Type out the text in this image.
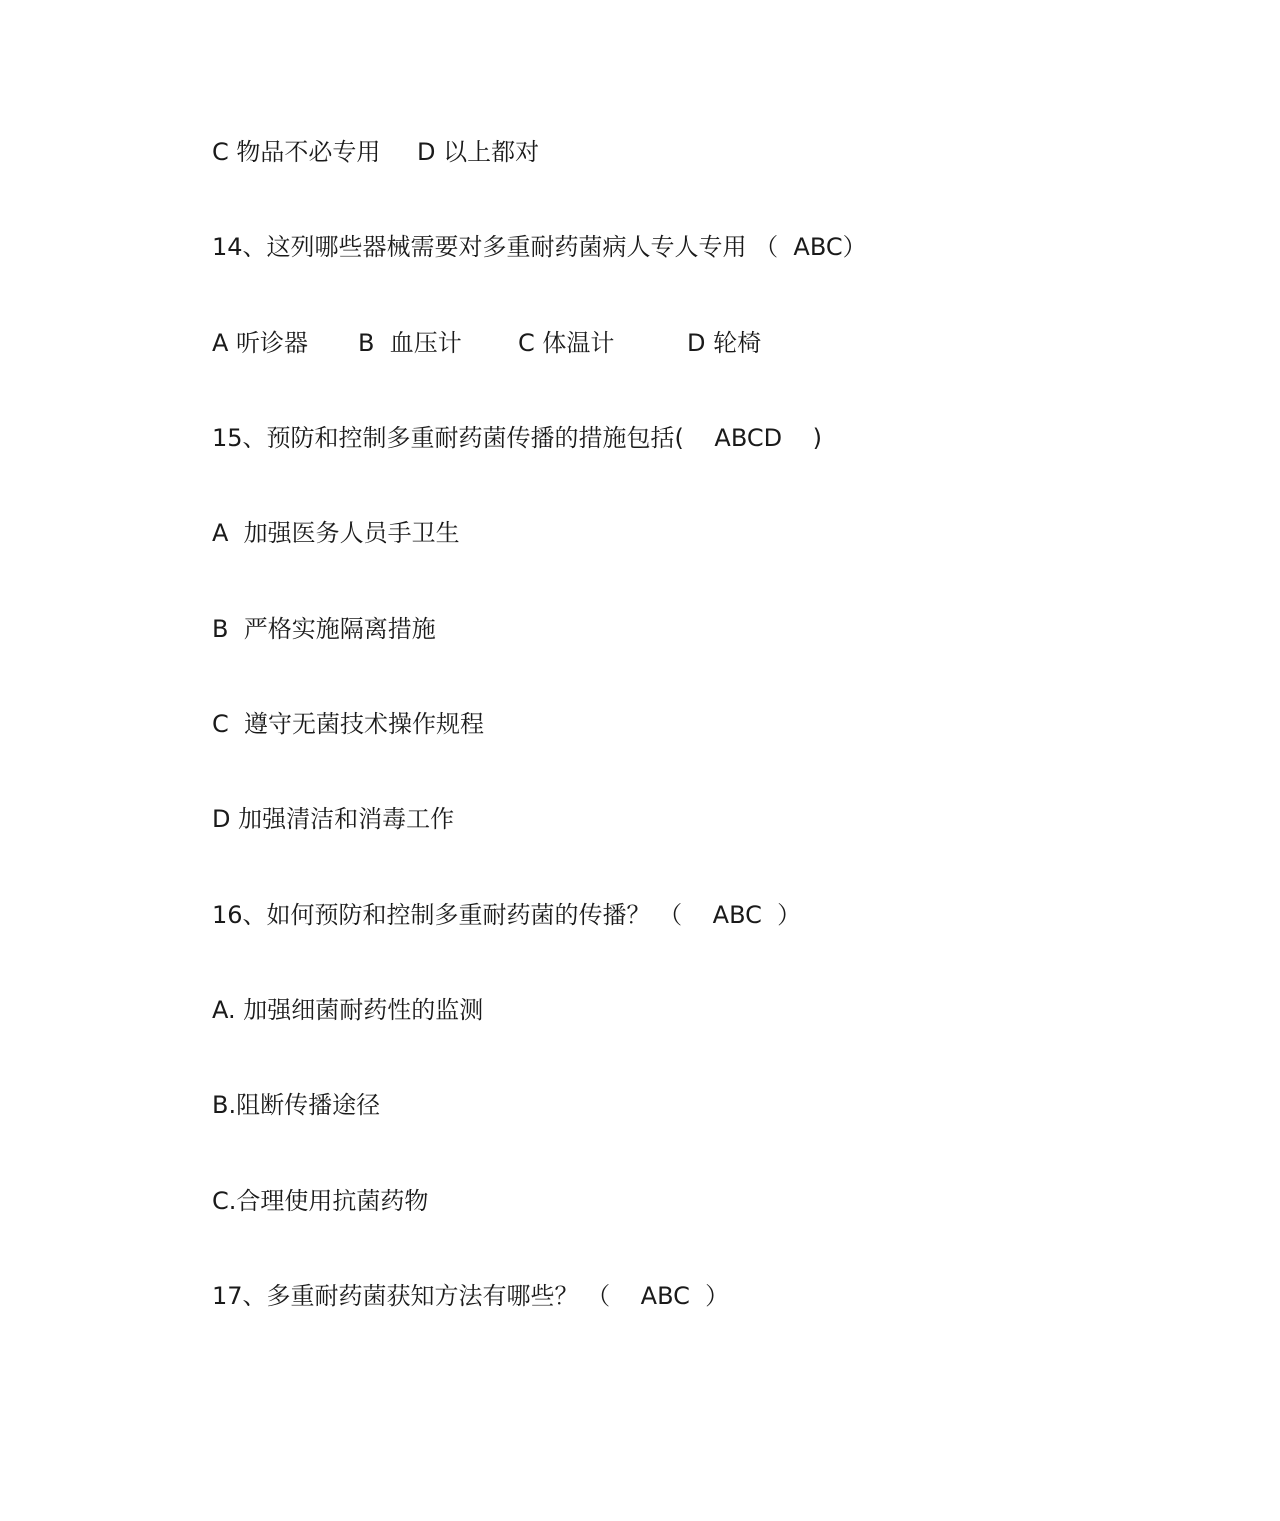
C 物品不必专用

D 以上都对

14、这列哪些器械需要对多重耐药菌病人专人专用 （  ABC）

A 听诊器

B  血压计

C 体温计

	D 轮椅

15、预防和控制多重耐药菌传播的措施包括(    ABCD    )
A  加强医务人员手卫生
B  严格实施隔离措施
C  遵守无菌技术操作规程
D 加强清洁和消毒工作
16、如何预防和控制多重耐药菌的传播？ （    ABC  ）
A. 加强细菌耐药性的监测
B.阻断传播途径
C.合理使用抗菌药物
17、多重耐药菌获知方法有哪些？ （    ABC  ）
